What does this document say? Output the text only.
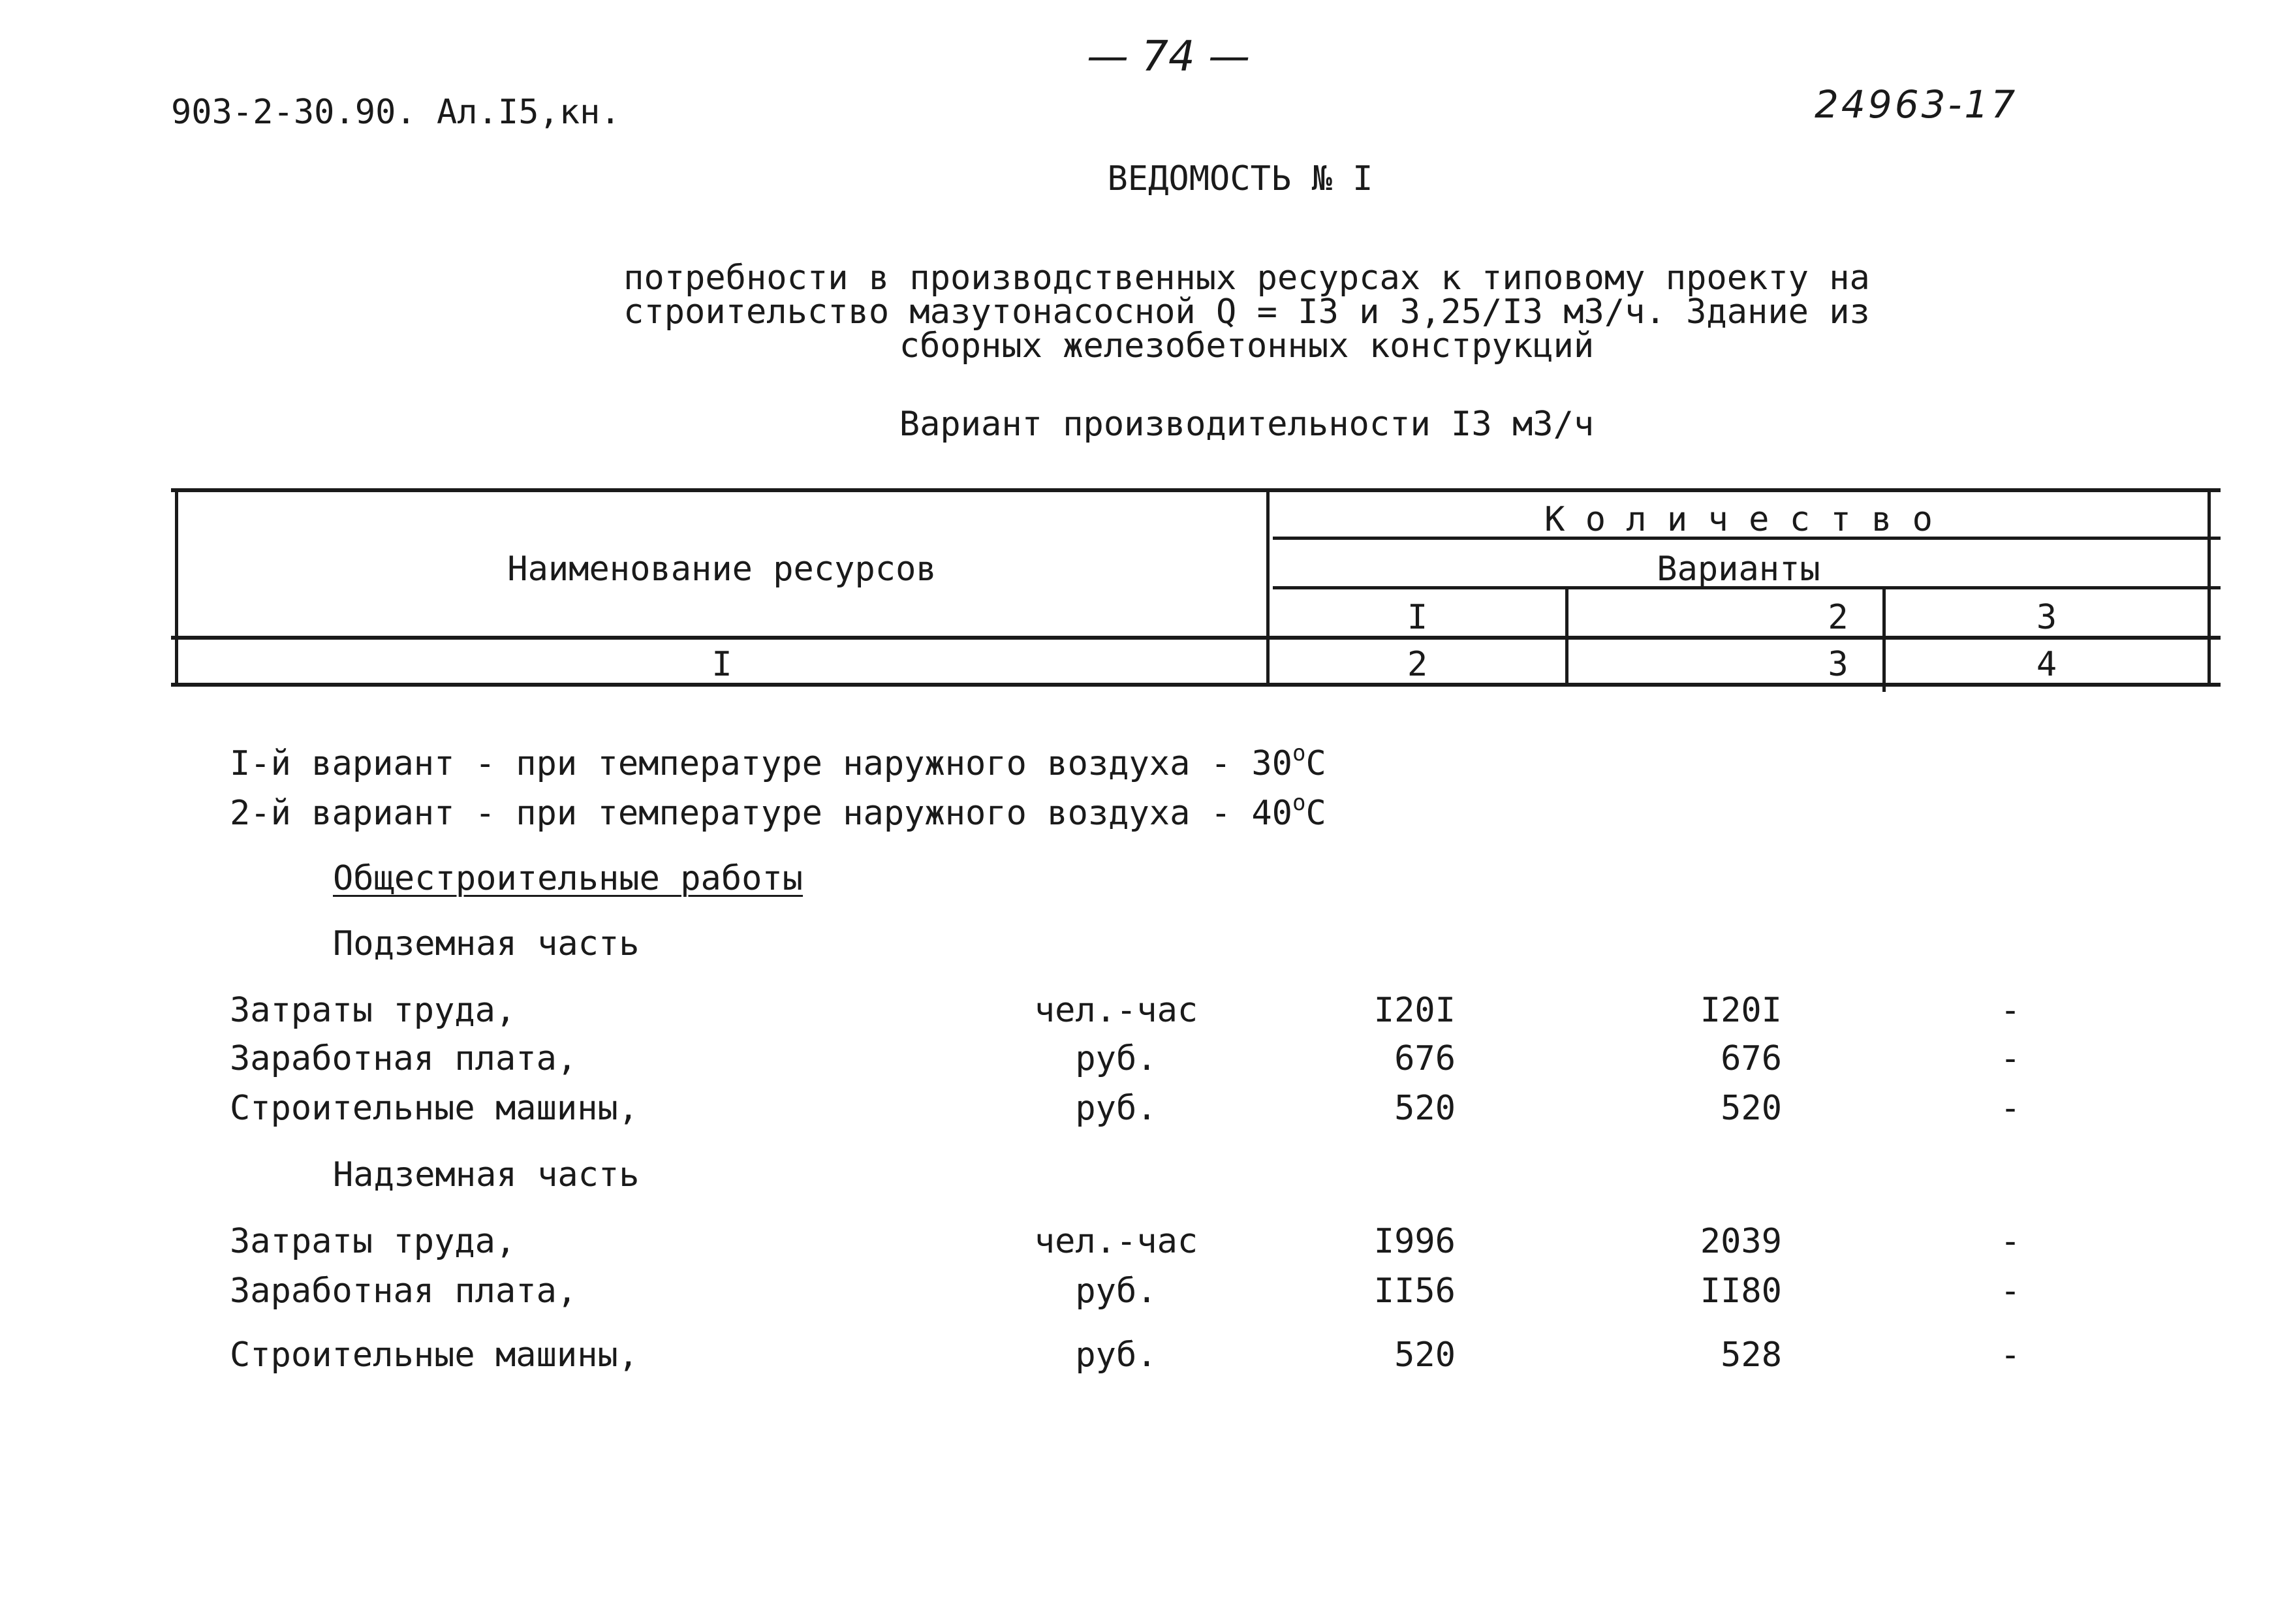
— 74 —
903-2-30.90. Ал.I5,кн.	24963-17
ВЕДОМОСТЬ № I
потребности в производственных ресурсах к типовому проекту на
строительство мазутонасосной Q = I3 и 3,25/I3 м3/ч. Здание из
сборных железобетонных конструкций
Вариант производительности I3 м3/ч
Наименование ресурсов
К о л и ч е с т в о
Варианты
I	2	3
I	2	3	4
I-й вариант - при температуре наружного воздуха - 30$^o$C
2-й вариант - при температуре наружного воздуха - 40$^o$C
Общестроительные работы
Подземная часть
Затраты труда,	чел.-час	I20I	I20I	-
Заработная плата,	руб.	676	676	-
Строительные машины,	руб.	520	520	-
Надземная часть
Затраты труда,	чел.-час	I996	2039	-
Заработная плата,	руб.	II56	II80	-
Строительные машины,	руб.	520	528	-
